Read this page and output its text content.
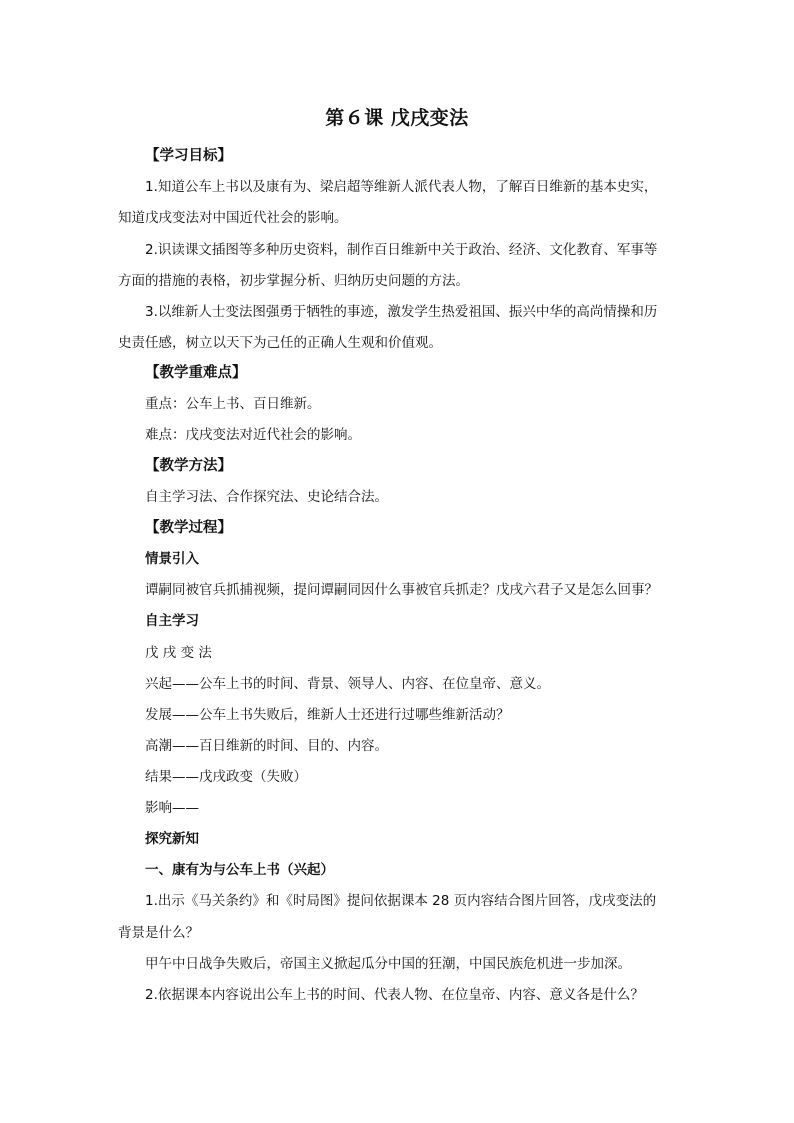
第６课 戊戌变法
【学习目标】
1.知道公车上书以及康有为、梁启超等维新人派代表人物，了解百日维新的基本史实，
知道戊戌变法对中国近代社会的影响。
2.识读课文插图等多种历史资料，制作百日维新中关于政治、经济、文化教育、军事等
方面的措施的表格，初步掌握分析、归纳历史问题的方法。
3.以维新人士变法图强勇于牺牲的事迹，激发学生热爱祖国、振兴中华的高尚情操和历
史责任感，树立以天下为己任的正确人生观和价值观。
【教学重难点】
重点：公车上书、百日维新。
难点：戊戌变法对近代社会的影响。
【教学方法】
自主学习法、合作探究法、史论结合法。
【教学过程】
情景引入
谭嗣同被官兵抓捕视频，提问谭嗣同因什么事被官兵抓走？戊戌六君子又是怎么回事？
自主学习
戊 戌 变 法
兴起——公车上书的时间、背景、领导人、内容、在位皇帝、意义。
发展——公车上书失败后，维新人士还进行过哪些维新活动？
高潮——百日维新的时间、目的、内容。
结果——戊戌政变（失败）
影响——
探究新知
一、康有为与公车上书（兴起）
1.出示《马关条约》和《时局图》提问依据课本 28 页内容结合图片回答，戊戌变法的
背景是什么？
甲午中日战争失败后，帝国主义掀起瓜分中国的狂潮，中国民族危机进一步加深。
2.依据课本内容说出公车上书的时间、代表人物、在位皇帝、内容、意义各是什么？
